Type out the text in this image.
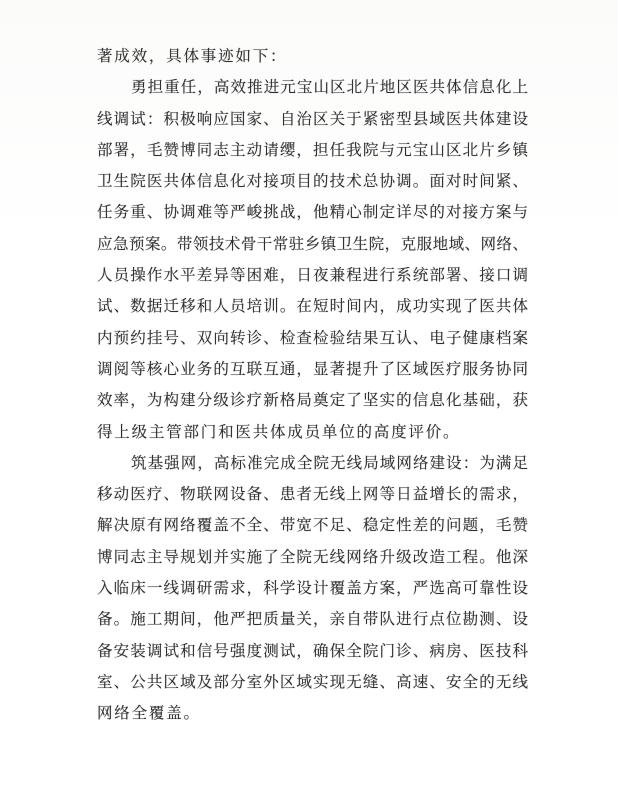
著成效，具体事迹如下：
勇担重任，高效推进元宝山区北片地区医共体信息化上
线调试：积极响应国家、自治区关于紧密型县域医共体建设
部署，毛赞博同志主动请缨，担任我院与元宝山区北片乡镇
卫生院医共体信息化对接项目的技术总协调。面对时间紧、
任务重、协调难等严峻挑战，他精心制定详尽的对接方案与
应急预案。带领技术骨干常驻乡镇卫生院，克服地域、网络、
人员操作水平差异等困难，日夜兼程进行系统部署、接口调
试、数据迁移和人员培训。在短时间内，成功实现了医共体
内预约挂号、双向转诊、检查检验结果互认、电子健康档案
调阅等核心业务的互联互通，显著提升了区域医疗服务协同
效率，为构建分级诊疗新格局奠定了坚实的信息化基础，获
得上级主管部门和医共体成员单位的高度评价。
筑基强网，高标准完成全院无线局域网络建设：为满足
移动医疗、物联网设备、患者无线上网等日益增长的需求，
解决原有网络覆盖不全、带宽不足、稳定性差的问题，毛赞
博同志主导规划并实施了全院无线网络升级改造工程。他深
入临床一线调研需求，科学设计覆盖方案，严选高可靠性设
备。施工期间，他严把质量关，亲自带队进行点位勘测、设
备安装调试和信号强度测试，确保全院门诊、病房、医技科
室、公共区域及部分室外区域实现无缝、高速、安全的无线
网络全覆盖。
